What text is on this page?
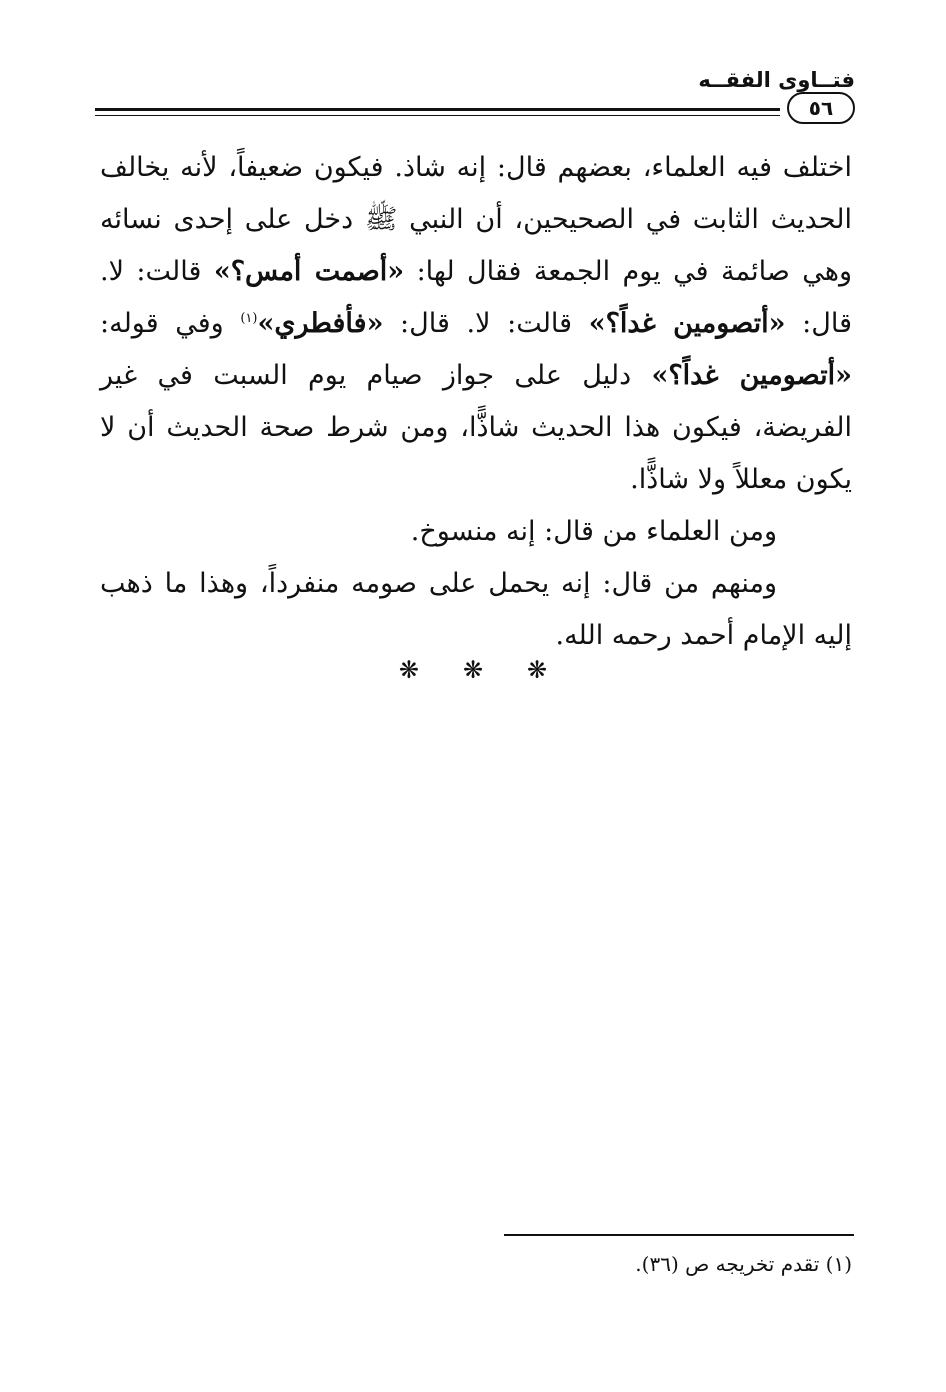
فتــاوى الفقــه
٥٦

اختلف فيه العلماء، بعضهم قال: إنه شاذ. فيكون ضعيفاً، لأنه يخالف الحديث الثابت في الصحيحين، أن النبي ﷺ دخل على إحدى نسائه وهي صائمة في يوم الجمعة فقال لها: «أصمت أمس؟» قالت: لا. قال: «أتصومين غداً؟» قالت: لا. قال: «فأفطري»$^{(١)}$ وفي قوله: «أتصومين غداً؟» دليل على جواز صيام يوم السبت في غير الفريضة، فيكون هذا الحديث شاذًّا، ومن شرط صحة الحديث أن لا يكون معللاً ولا شاذًّا.

ومن العلماء من قال: إنه منسوخ.

ومنهم من قال: إنه يحمل على صومه منفرداً، وهذا ما ذهب إليه الإمام أحمد رحمه الله.

❋ ❋ ❋
(١) تقدم تخريجه ص (٣٦).
